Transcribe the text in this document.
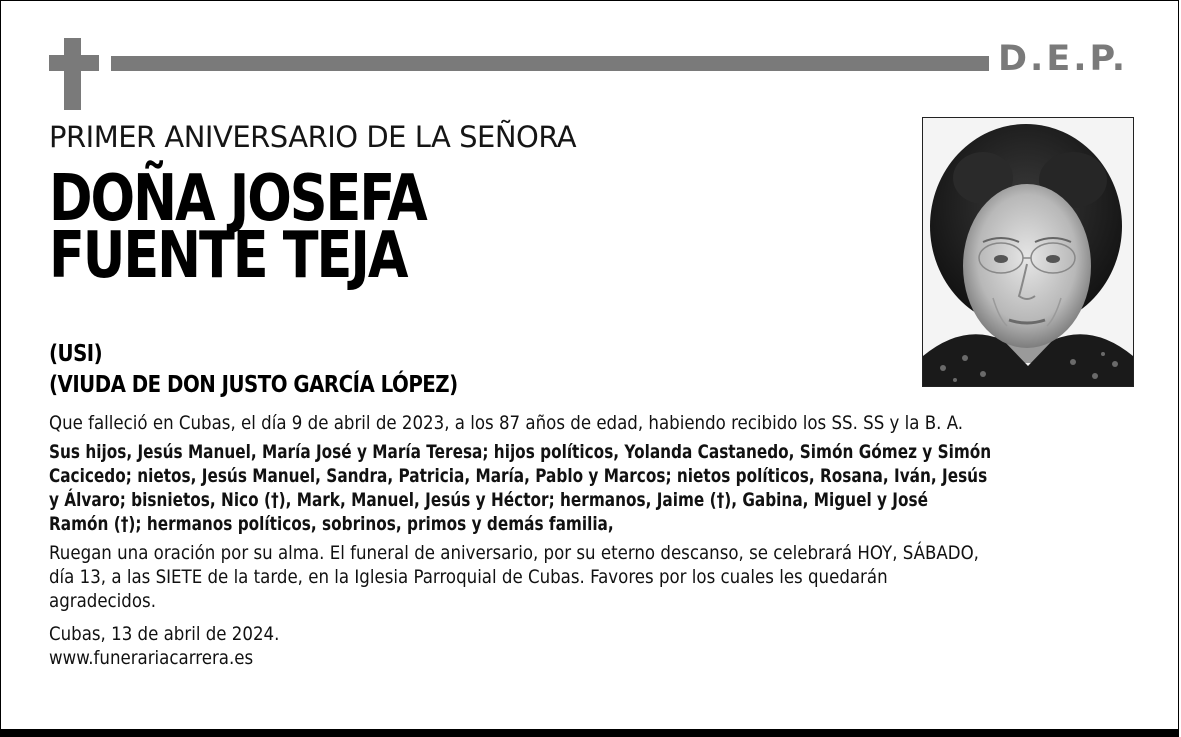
D.E.P.
PRIMER ANIVERSARIO DE LA SEÑORA
DOÑA JOSEFA
FUENTE TEJA
(USI)
(VIUDA DE DON JUSTO GARCÍA LÓPEZ)
Que falleció en Cubas, el día 9 de abril de 2023, a los 87 años de edad, habiendo recibido los SS. SS y la B. A.
Sus hijos, Jesús Manuel, María José y María Teresa; hijos políticos, Yolanda Castanedo, Simón Gómez y Simón
Cacicedo; nietos, Jesús Manuel, Sandra, Patricia, María, Pablo y Marcos; nietos políticos, Rosana, Iván, Jesús
y Álvaro; bisnietos, Nico (†), Mark, Manuel, Jesús y Héctor; hermanos, Jaime (†), Gabina, Miguel y José
Ramón (†); hermanos políticos, sobrinos, primos y demás familia,
Ruegan una oración por su alma. El funeral de aniversario, por su eterno descanso, se celebrará HOY, SÁBADO,
día 13, a las SIETE de la tarde, en la Iglesia Parroquial de Cubas. Favores por los cuales les quedarán
agradecidos.
Cubas, 13 de abril de 2024.
www.funerariacarrera.es
